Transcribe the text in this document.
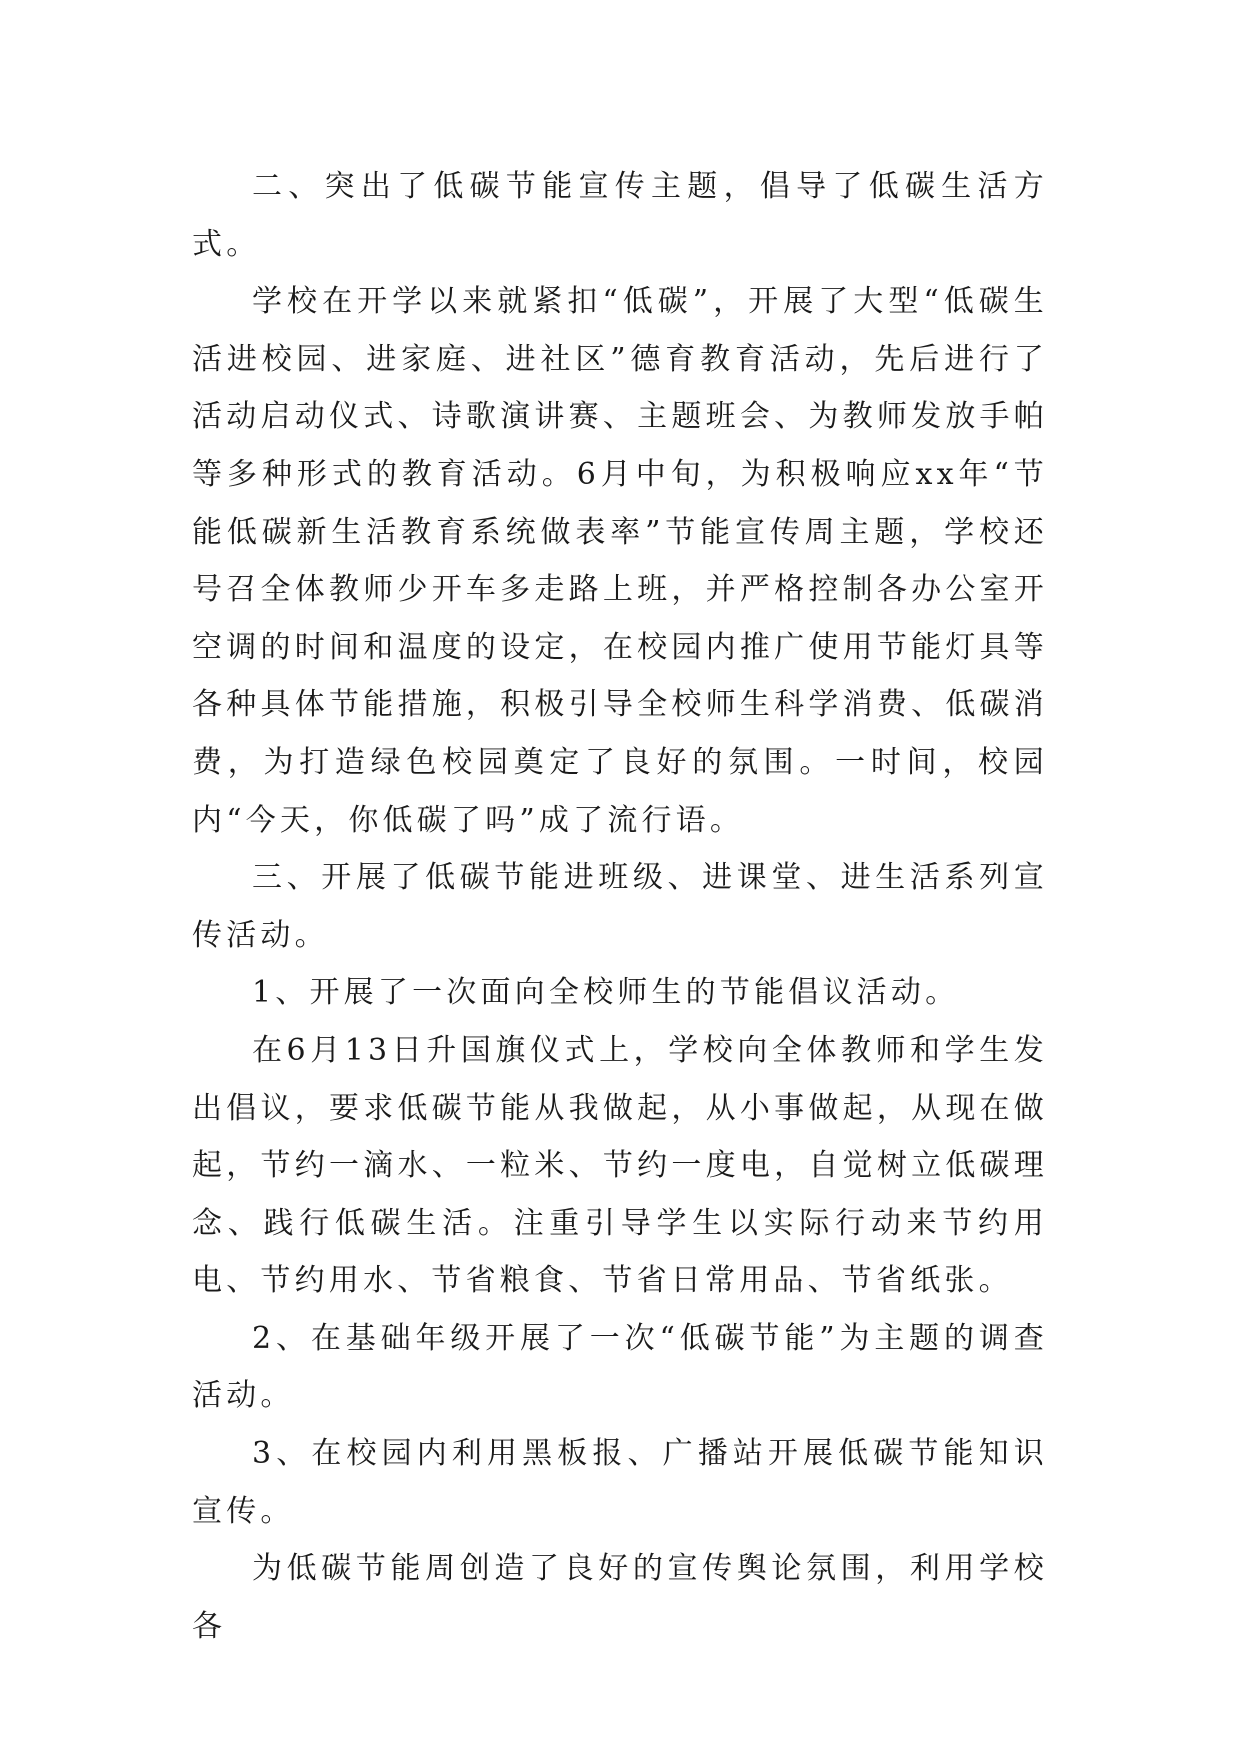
二、突出了低碳节能宣传主题，倡导了低碳生活方式。

学校在开学以来就紧扣“低碳”，开展了大型“低碳生活进校园、进家庭、进社区”德育教育活动，先后进行了活动启动仪式、诗歌演讲赛、主题班会、为教师发放手帕等多种形式的教育活动。6月中旬，为积极响应xx年“节能低碳新生活教育系统做表率”节能宣传周主题，学校还号召全体教师少开车多走路上班，并严格控制各办公室开空调的时间和温度的设定，在校园内推广使用节能灯具等各种具体节能措施，积极引导全校师生科学消费、低碳消费，为打造绿色校园奠定了良好的氛围。一时间，校园内“今天，你低碳了吗”成了流行语。

三、开展了低碳节能进班级、进课堂、进生活系列宣传活动。

1、开展了一次面向全校师生的节能倡议活动。

在6月13日升国旗仪式上，学校向全体教师和学生发出倡议，要求低碳节能从我做起，从小事做起，从现在做起，节约一滴水、一粒米、节约一度电，自觉树立低碳理念、践行低碳生活。注重引导学生以实际行动来节约用电、节约用水、节省粮食、节省日常用品、节省纸张。

2、在基础年级开展了一次“低碳节能”为主题的调查活动。

3、在校园内利用黑板报、广播站开展低碳节能知识宣传。

为低碳节能周创造了良好的宣传舆论氛围，利用学校各
